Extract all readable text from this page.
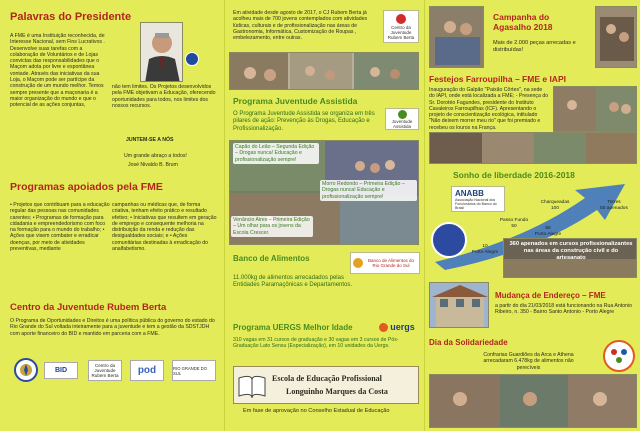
Palavras do Presidente
A FME é uma Instituição reconhecida, de Interesse Nacional, sem Fins Lucrativos . Desenvolve suas tarefas com a colaboração de Voluntários e de Lojas convictas das responsabilidades que o Maçom adota por livre e espontânea vontade. Através das iniciativas da sua Loja, o Maçom pode ser partícipe da construção de um mundo melhor. Temos sempre presente que a maçonaria é a maior organização do mundo e que o potencial de as ações conjuntas,
não tem limites. Os Projetos desenvolvidos pela FME objetivam a Educação, oferecendo oportunidades para todos, nos limites dos nossos recursos.
JUNTEM-SE A NÓS
Um grande abraço a todos!
José Nivaldo B. Brum
Programas apoiados pela FME
• Projetos que contribuam para a educação regular das pessoas nas comunidades carentes; • Programas de formação para cidadania e empreendedorismo com foco na formação para o mundo do trabalho; • Ações que visem combater e erradicar doenças, por meio de atividades preventivas, mediante
campanhas ou médicas que, de forma criativa, tenham efeito prático e resultado efetivo; • Iniciativas que resultem em geração de emprego e consequente melhoria na distribuição da renda e redução das desigualdades sociais; e • Ações comunitárias destinadas à erradicação do analfabetismo.
Centro da Juventude Rubem Berta
O Programa de Oportunidades e Direitos é uma política pública do governo do estado do Rio Grande do Sul voltada inteiramente para a juventude e tem a gestão da SDSTJDH com aporte financeiro do BID e mantido em parceria com a FME.
BID
Centro da Juventude Rubem Berta	pod	RIO GRANDE DO SUL
Em atividade desde agosto de 2017, o CJ Rubem Berta já acolheu mais de 700 jovens contemplados com atividades lúdicas, culturais e de profissionalização nas áreas de Gastronomia, Informática, Customização de Roupas , embelezamento, entre outras.
Centro da Juventude Rubem Berta
Programa Juventude Assistida
O Programa Juventude Assistida se organiza em três pilares de ação: Prevenção às Drogas, Educação e Profissionalização.
Juventude Assistida
Capão do Leão – Segunda Edição – Drogas nunca! Educação e profissionalização sempre!
Morro Redondo – Primeira Edição – Drogas nunca! Educação e profissionalização sempre!
Venâncio Aires – Primeira Edição – Um olhar para os jovens da Escola Crescer.
Banco de Alimentos	Banco de Alimentos do Rio Grande do Sul
11.000kg de alimentos arrecadados pelas Entidades Paramaçônicas e Departamentos.
Programa UERGS Melhor Idade	uergs
310 vagas em 31 cursos de graduação e 30 vagas em 3 cursos de Pós-Graduação Lato Sensu (Especialização), em 10 unidades da Uergs.
Escola de Educação Profissional
Longuinho Marques da Costa
Em fase de aprovação no Conselho Estadual de Educação
Campanha do Agasalho 2018
Mais de 2.000 peças arrecadas e distribuídas!
Festejos Farroupilha – FME e IAPI
Inauguração do Galpão "Paixão Côrtes", na sede do IAPI, onde está localizada a FME; - Presença do Sr. Dorotéo Fagundes, presidente do Instituto Cavaleiros Farroupilhas (ICF). Apresentando o projeto de conscientização ecológica, intitulado "Não deixem morrer meu rio" que foi premiado e recebeu os louros na França.
Sonho de liberdade 2016-2018
ANABB
Associação Nacional dos Funcionários do Banco do Brasil
10
Porto Alegre
Passo Fundo
50
Charqueadas
100
50
Porto Alegre
Torres
50 apenados
360 apenados em cursos profissionalizantes nas áreas da construção civil e do artesanato
Mudança de Endereço – FME
a partir do dia 21/03/2018 está funcionando na Rua Antonio Ribeiro, n. 350 - Bairro Santo Antonio - Porto Alegre
Dia da Solidariedade
Confrarias Guardiões da Arca e Athena arrecadaram 6.478kg de alimentos não perecíveis
